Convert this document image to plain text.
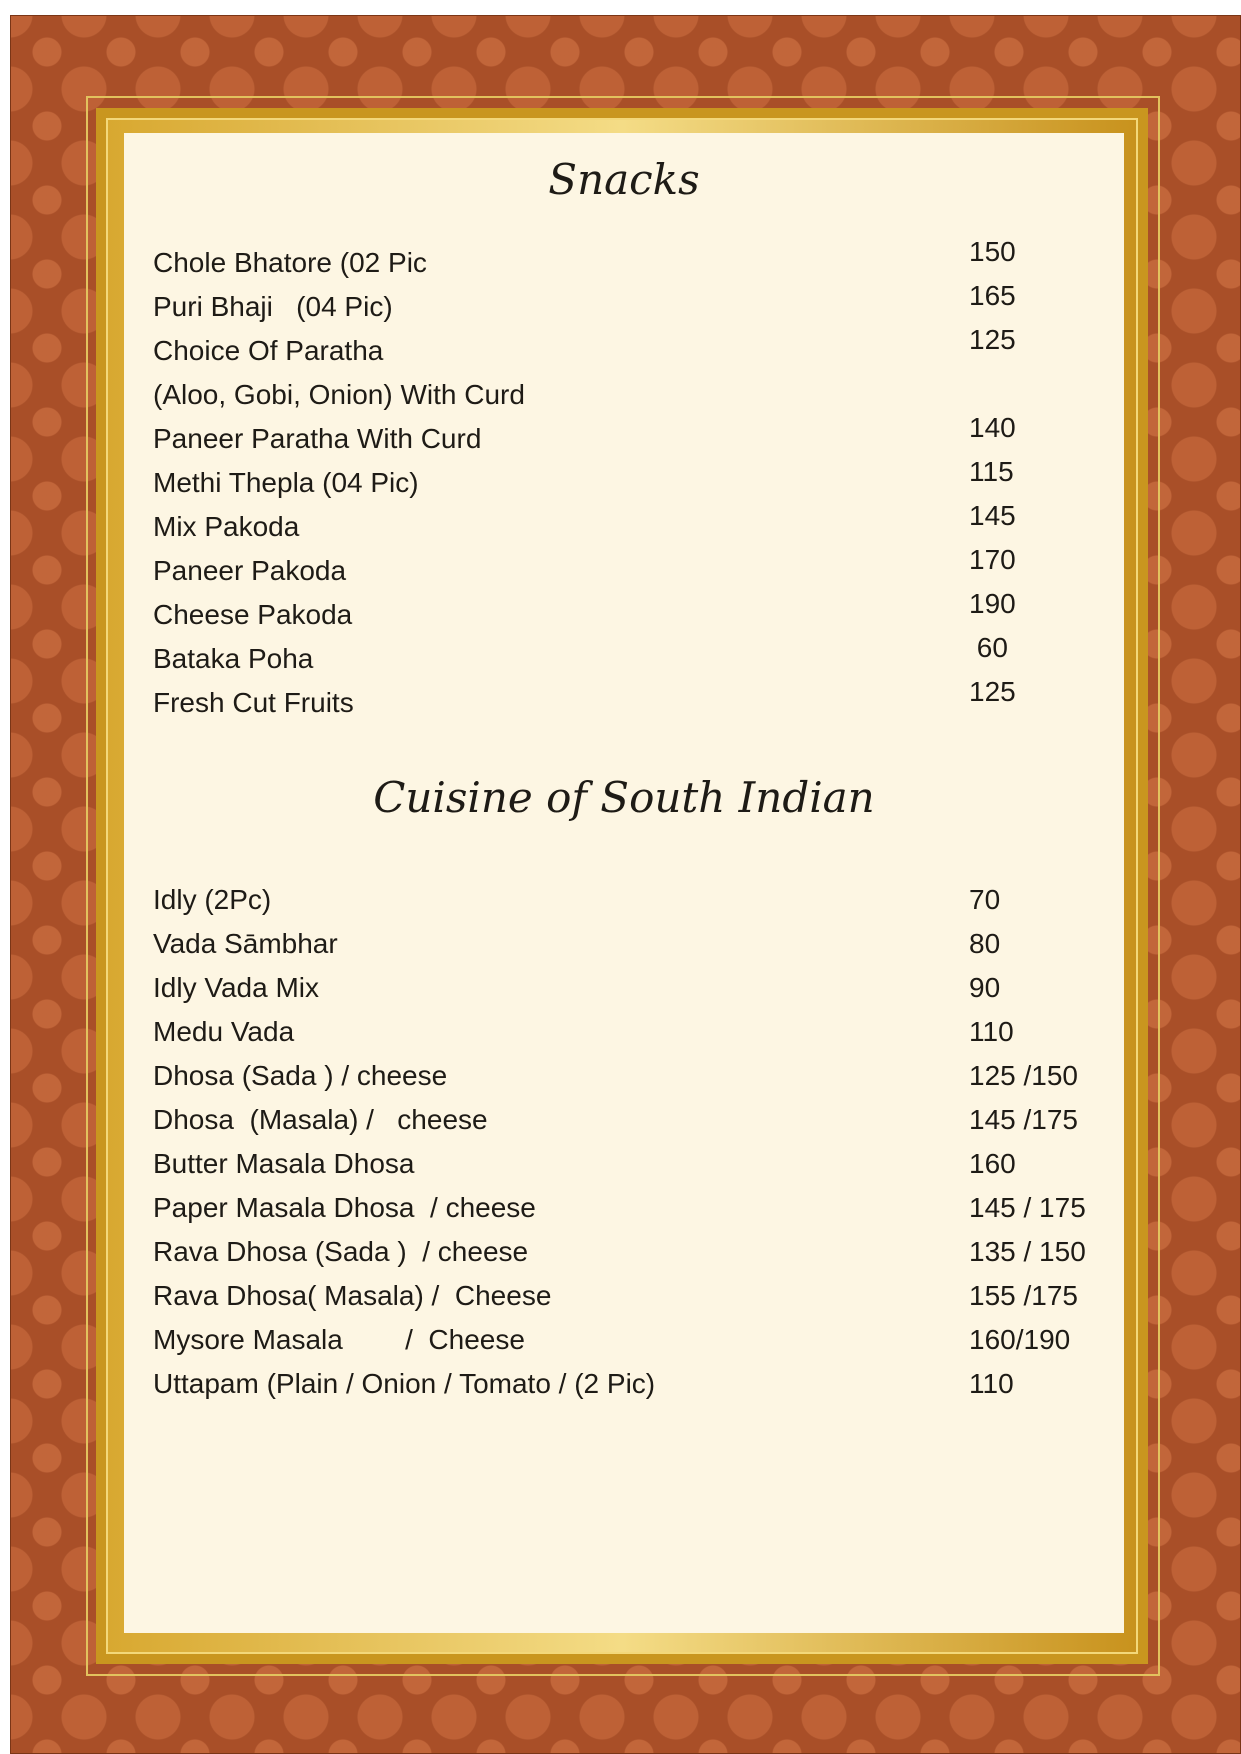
Snacks
Chole Bhatore (02 Pic	150
Puri Bhaji   (04 Pic)	165
Choice Of Paratha	125
(Aloo, Gobi, Onion) With Curd
Paneer Paratha With Curd	140
Methi Thepla (04 Pic)	115
Mix Pakoda	145
Paneer Pakoda	170
Cheese Pakoda	190
Bataka Poha	60
Fresh Cut Fruits	125
Cuisine of South Indian
Idly (2Pc)	70
Vada Sāmbhar	80
Idly Vada Mix	90
Medu Vada	110
Dhosa (Sada ) / cheese	125 /150
Dhosa  (Masala) /   cheese	145 /175
Butter Masala Dhosa	160
Paper Masala Dhosa  / cheese	145 / 175
Rava Dhosa (Sada )  / cheese	135 / 150
Rava Dhosa( Masala) /  Cheese	155 /175
Mysore Masala        /  Cheese	160/190
Uttapam (Plain / Onion / Tomato / (2 Pic)	110
